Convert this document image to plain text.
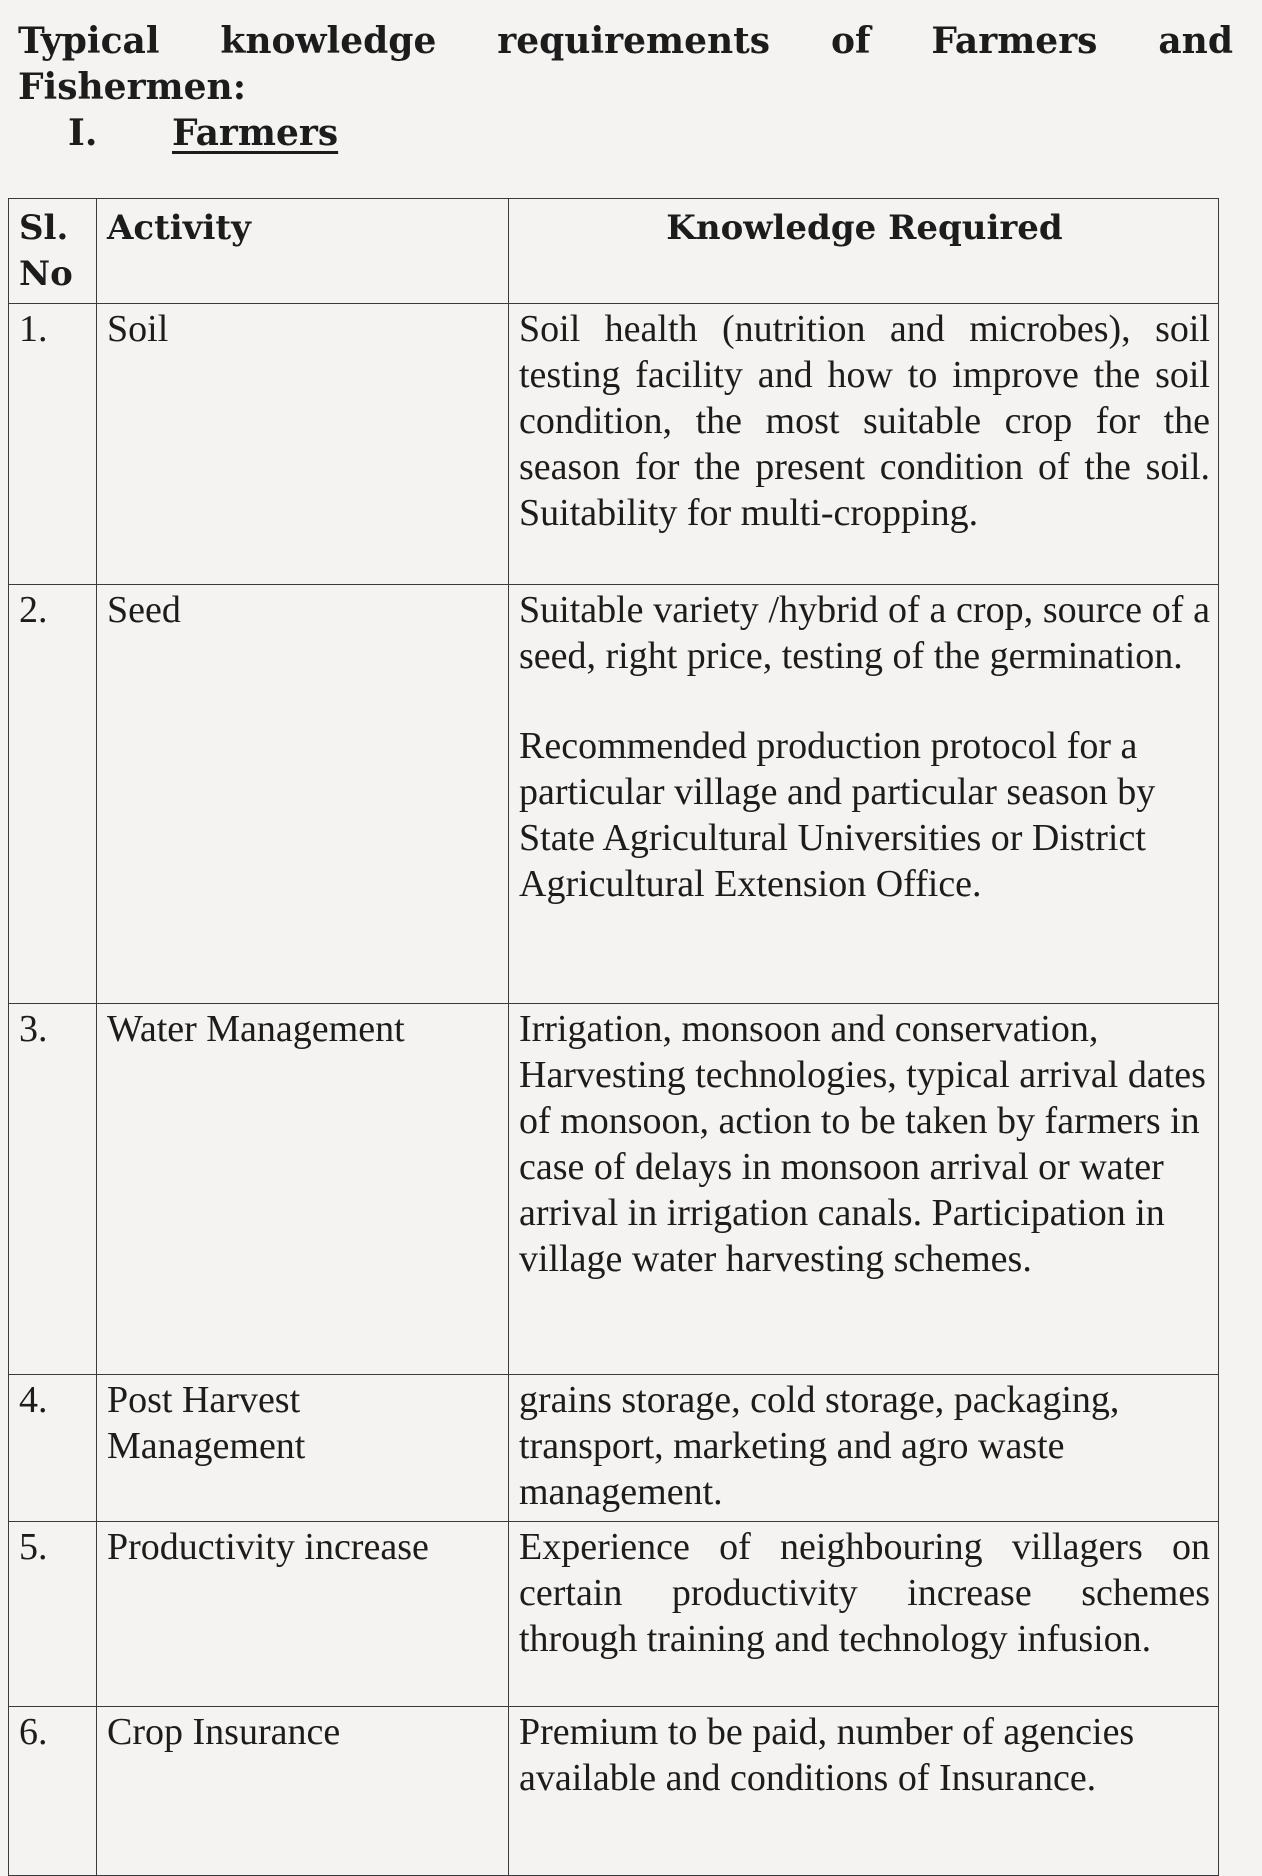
Typical knowledge requirements of Farmers and
Fishermen:
I. Farmers
Sl.
No	Activity	Knowledge Required
1.	Soil	Soil health (nutrition and microbes), soil testing facility and how to improve the soil condition, the most suitable crop for the season for the present condition of the soil. Suitability for multi-cropping.
2.	Seed	Suitable variety /hybrid of a crop, source of a seed, right price, testing of the germination.

Recommended production protocol for a particular village and particular season by State Agricultural Universities or District Agricultural Extension Office.

3.	Water Management	Irrigation, monsoon and conservation, Harvesting technologies, typical arrival dates of monsoon, action to be taken by farmers in case of delays in monsoon arrival or water arrival in irrigation canals. Participation in village water harvesting schemes.
4.	Post Harvest Management	grains storage, cold storage, packaging, transport, marketing and agro waste management.
5.	Productivity increase	Experience of neighbouring villagers on certain productivity increase schemes through training and technology infusion.
6.	Crop Insurance	Premium to be paid, number of agencies available and conditions of Insurance.
